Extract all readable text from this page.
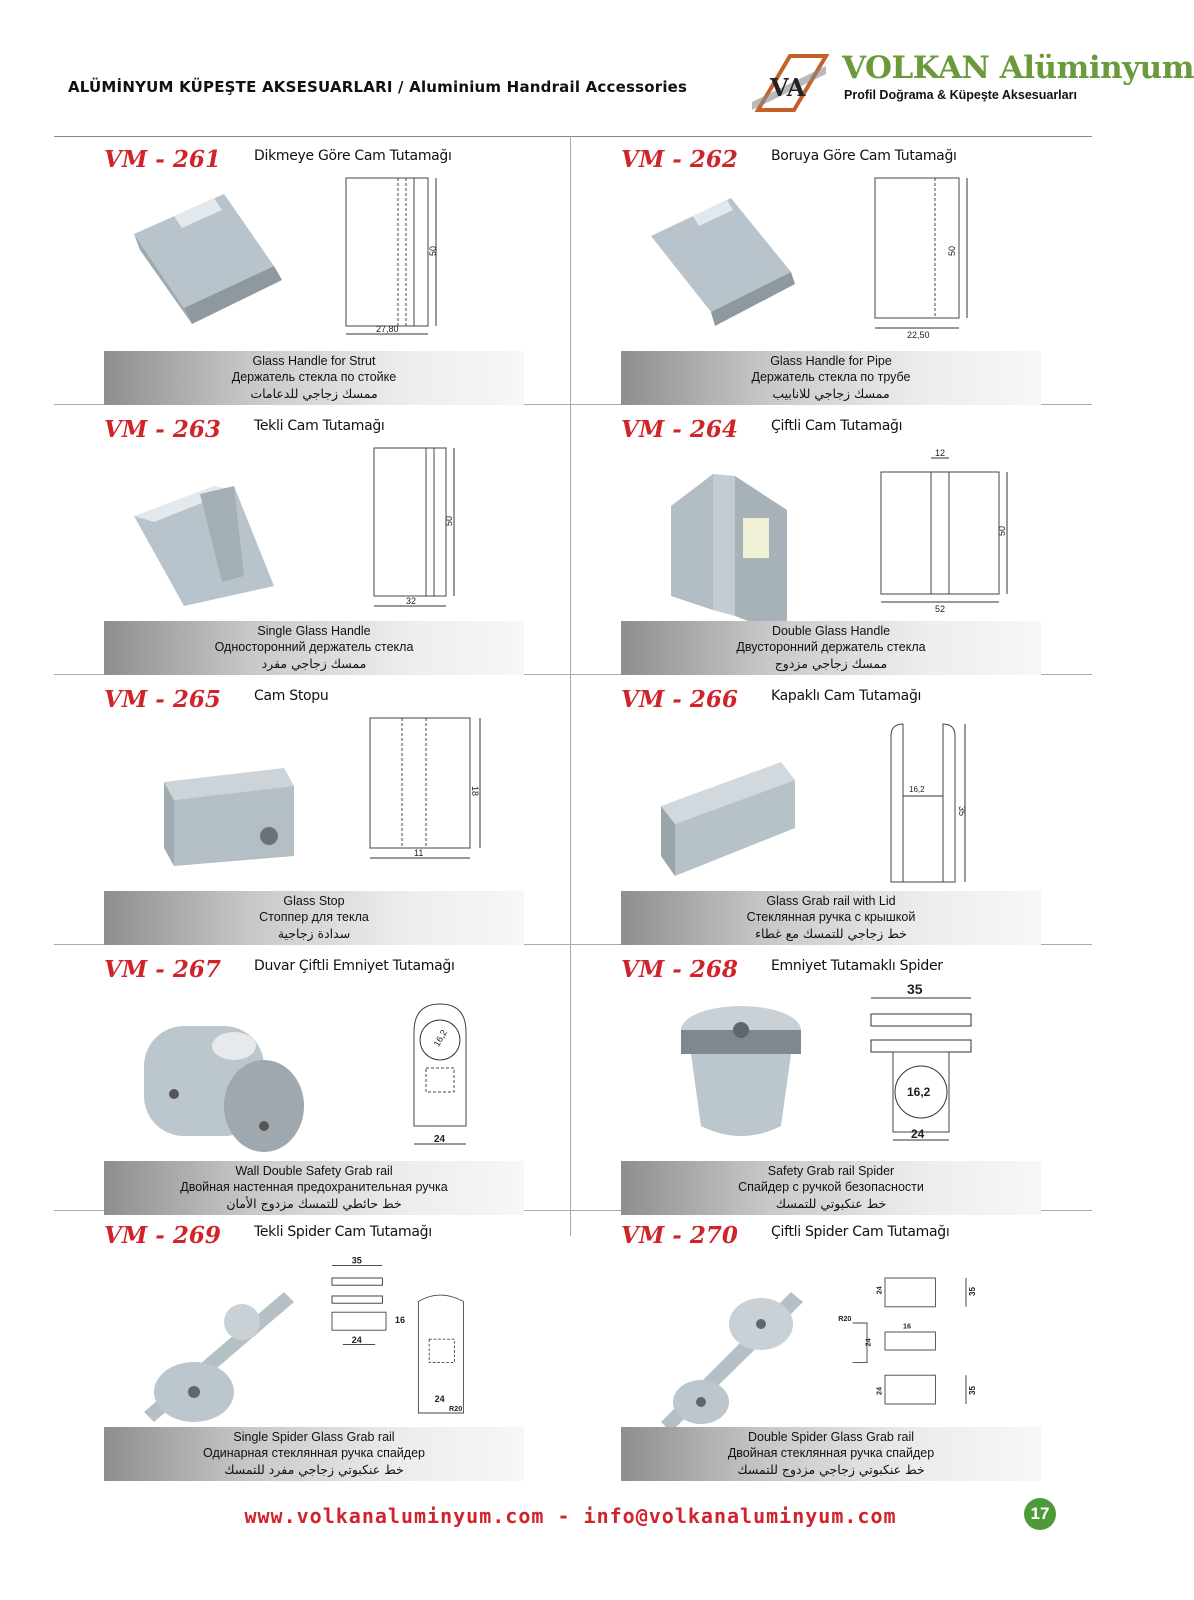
ALÜMİNYUM KÜPEŞTE AKSESUARLARI / Aluminium Handrail Accessories	VA
VOLKAN Alüminyum
Profil Doğrama & Küpeşte Aksesuarları
VM - 261 Dikmeye Göre Cam Tutamağı
50
27,80
Glass Handle for Strut
Держатель стекла по стойке
ممسك زجاجي للدعامات
VM - 262 Boruya Göre Cam Tutamağı
50
22,50
Glass Handle for Pipe
Держатель стекла по трубе
ممسك زجاجي للانابيب
VM - 263 Tekli Cam Tutamağı
50
32
Single Glass Handle
Односторонний держатель стекла
ممسك زجاجي مفرد
VM - 264 Çiftli Cam Tutamağı
12
50
52
Double Glass Handle
Двусторонний держатель стекла
ممسك زجاجي مزدوج
VM - 265 Cam Stopu
18
11
Glass Stop
Стоппер для текла
سدادة زجاجية
VM - 266 Kapaklı Cam Tutamağı
16,2
35
Glass Grab rail with Lid
Стеклянная ручка с крышкой
خط زجاجي للتمسك مع غطاء
VM - 267 Duvar Çiftli Emniyet Tutamağı
16,2
24
Wall Double Safety Grab rail
Двойная настенная предохранительная ручка
خط حائطي للتمسك مزدوج الأمان
VM - 268 Emniyet Tutamaklı Spider
35
16,2
24
Safety Grab rail Spider
Спайдер с ручкой безопасности
خط عنكبوتي للتمسك
VM - 269 Tekli Spider Cam Tutamağı
35
16
24
24
R20
Single Spider Glass Grab rail
Одинарная стеклянная ручка спайдер
خط عنكبوتي زجاجي مفرد للتمسك
VM - 270 Çiftli Spider Cam Tutamağı
24	35
R20
16
24
24	35
Double Spider Glass Grab rail
Двойная стеклянная ручка спайдер
خط عنكبوتي زجاجي مزدوج للتمسك
www.volkanaluminyum.com - info@volkanaluminyum.com	17
